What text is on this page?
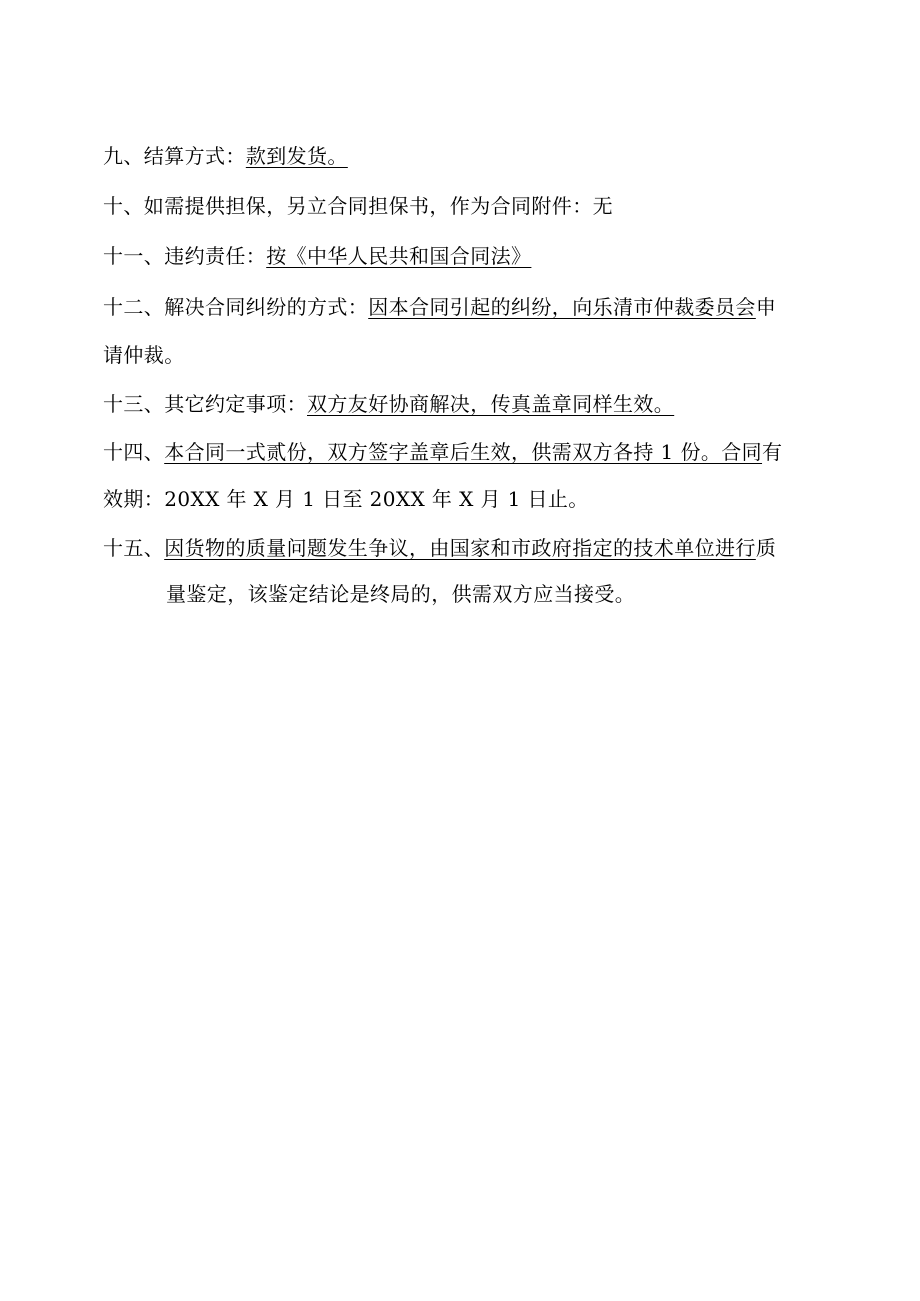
九、结算方式：款到发货。
十、如需提供担保，另立合同担保书，作为合同附件：无
十一、违约责任：按《中华人民共和国合同法》
十二、解决合同纠纷的方式：因本合同引起的纠纷，向乐清市仲裁委员会申
请仲裁。
十三、其它约定事项：双方友好协商解决，传真盖章同样生效。
十四、本合同一式贰份，双方签字盖章后生效，供需双方各持 1 份。合同有
效期：20XX 年 X 月 1 日至 20XX 年 X 月 1 日止。
十五、因货物的质量问题发生争议，由国家和市政府指定的技术单位进行质
量鉴定，该鉴定结论是终局的，供需双方应当接受。
